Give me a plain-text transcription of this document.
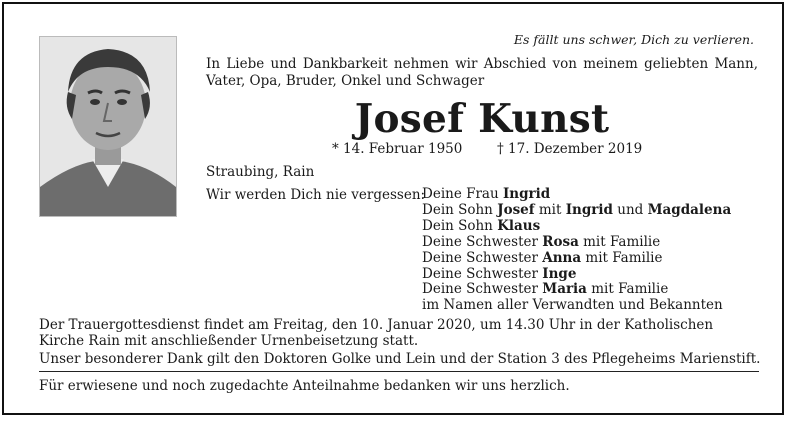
Es fällt uns schwer, Dich zu verlieren.
In Liebe und Dankbarkeit nehmen wir Abschied von meinem geliebten Mann, Vater, Opa, Bruder, Onkel und Schwager
Josef Kunst
* 14. Februar 1950	† 17. Dezember 2019
Straubing, Rain
Wir werden Dich nie vergessen:
Deine Frau Ingrid
Dein Sohn Josef mit Ingrid und Magdalena
Dein Sohn Klaus
Deine Schwester Rosa mit Familie
Deine Schwester Anna mit Familie
Deine Schwester Inge
Deine Schwester Maria mit Familie
im Namen aller Verwandten und Bekannten
Der Trauergottesdienst findet am Freitag, den 10. Januar 2020, um 14.30 Uhr in der Katholischen Kirche Rain mit anschließender Urnenbeisetzung statt.
Unser besonderer Dank gilt den Doktoren Golke und Lein und der Station 3 des Pflegeheims Marienstift.
Für erwiesene und noch zugedachte Anteilnahme bedanken wir uns herzlich.
